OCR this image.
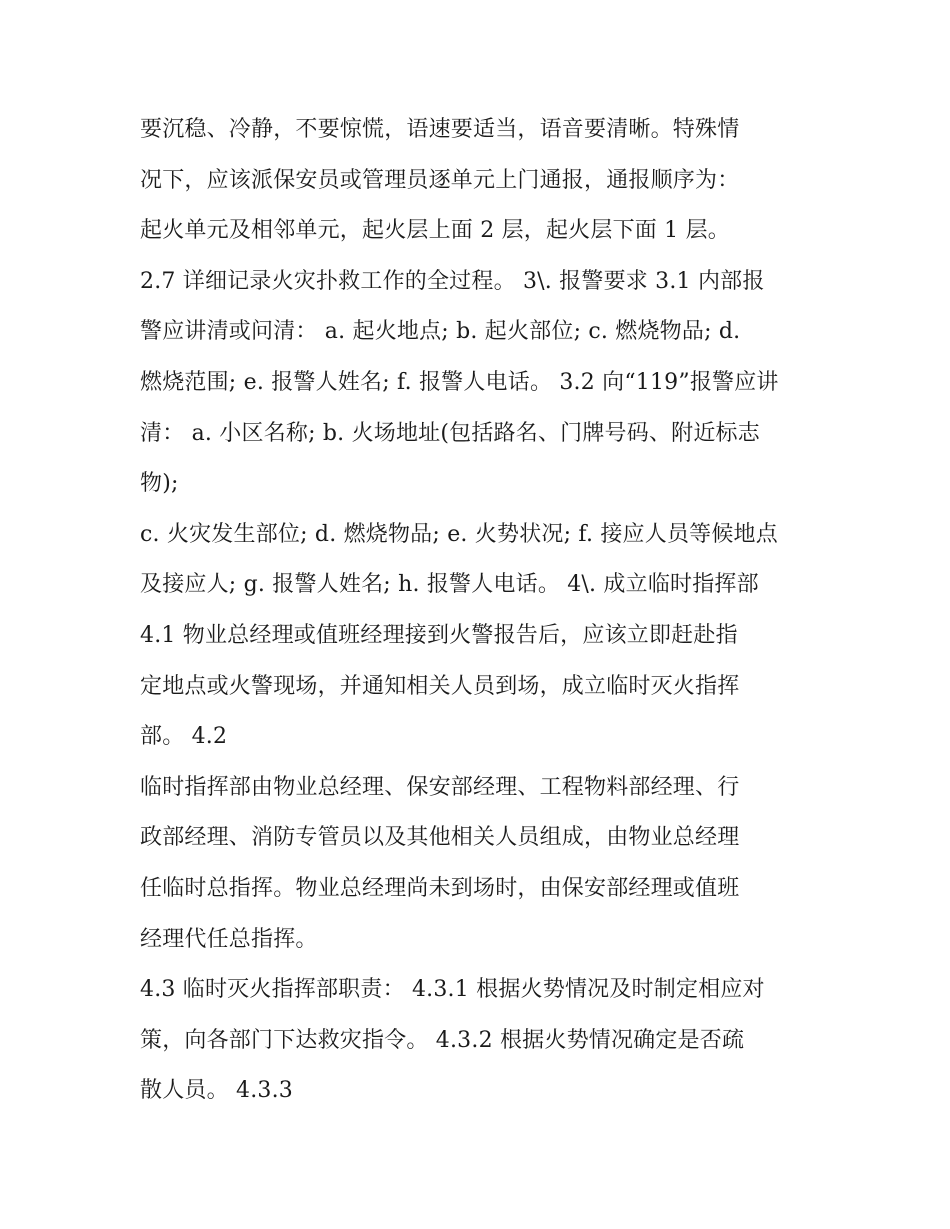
要沉稳、冷静，不要惊慌，语速要适当，语音要清晰。特殊情
况下，应该派保安员或管理员逐单元上门通报，通报顺序为：
起火单元及相邻单元，起火层上面 2 层，起火层下面 1 层。
2.7 详细记录火灾扑救工作的全过程。 3\. 报警要求 3.1 内部报
警应讲清或问清： a. 起火地点; b. 起火部位; c. 燃烧物品; d.
燃烧范围; e. 报警人姓名; f. 报警人电话。 3.2 向“119”报警应讲
清： a. 小区名称; b. 火场地址(包括路名、门牌号码、附近标志
物);
c. 火灾发生部位; d. 燃烧物品; e. 火势状况; f. 接应人员等候地点
及接应人; g. 报警人姓名; h. 报警人电话。 4\. 成立临时指挥部
4.1 物业总经理或值班经理接到火警报告后，应该立即赶赴指
定地点或火警现场，并通知相关人员到场，成立临时灭火指挥
部。 4.2
临时指挥部由物业总经理、保安部经理、工程物料部经理、行
政部经理、消防专管员以及其他相关人员组成，由物业总经理
任临时总指挥。物业总经理尚未到场时，由保安部经理或值班
经理代任总指挥。
4.3 临时灭火指挥部职责： 4.3.1 根据火势情况及时制定相应对
策，向各部门下达救灾指令。 4.3.2 根据火势情况确定是否疏
散人员。 4.3.3
